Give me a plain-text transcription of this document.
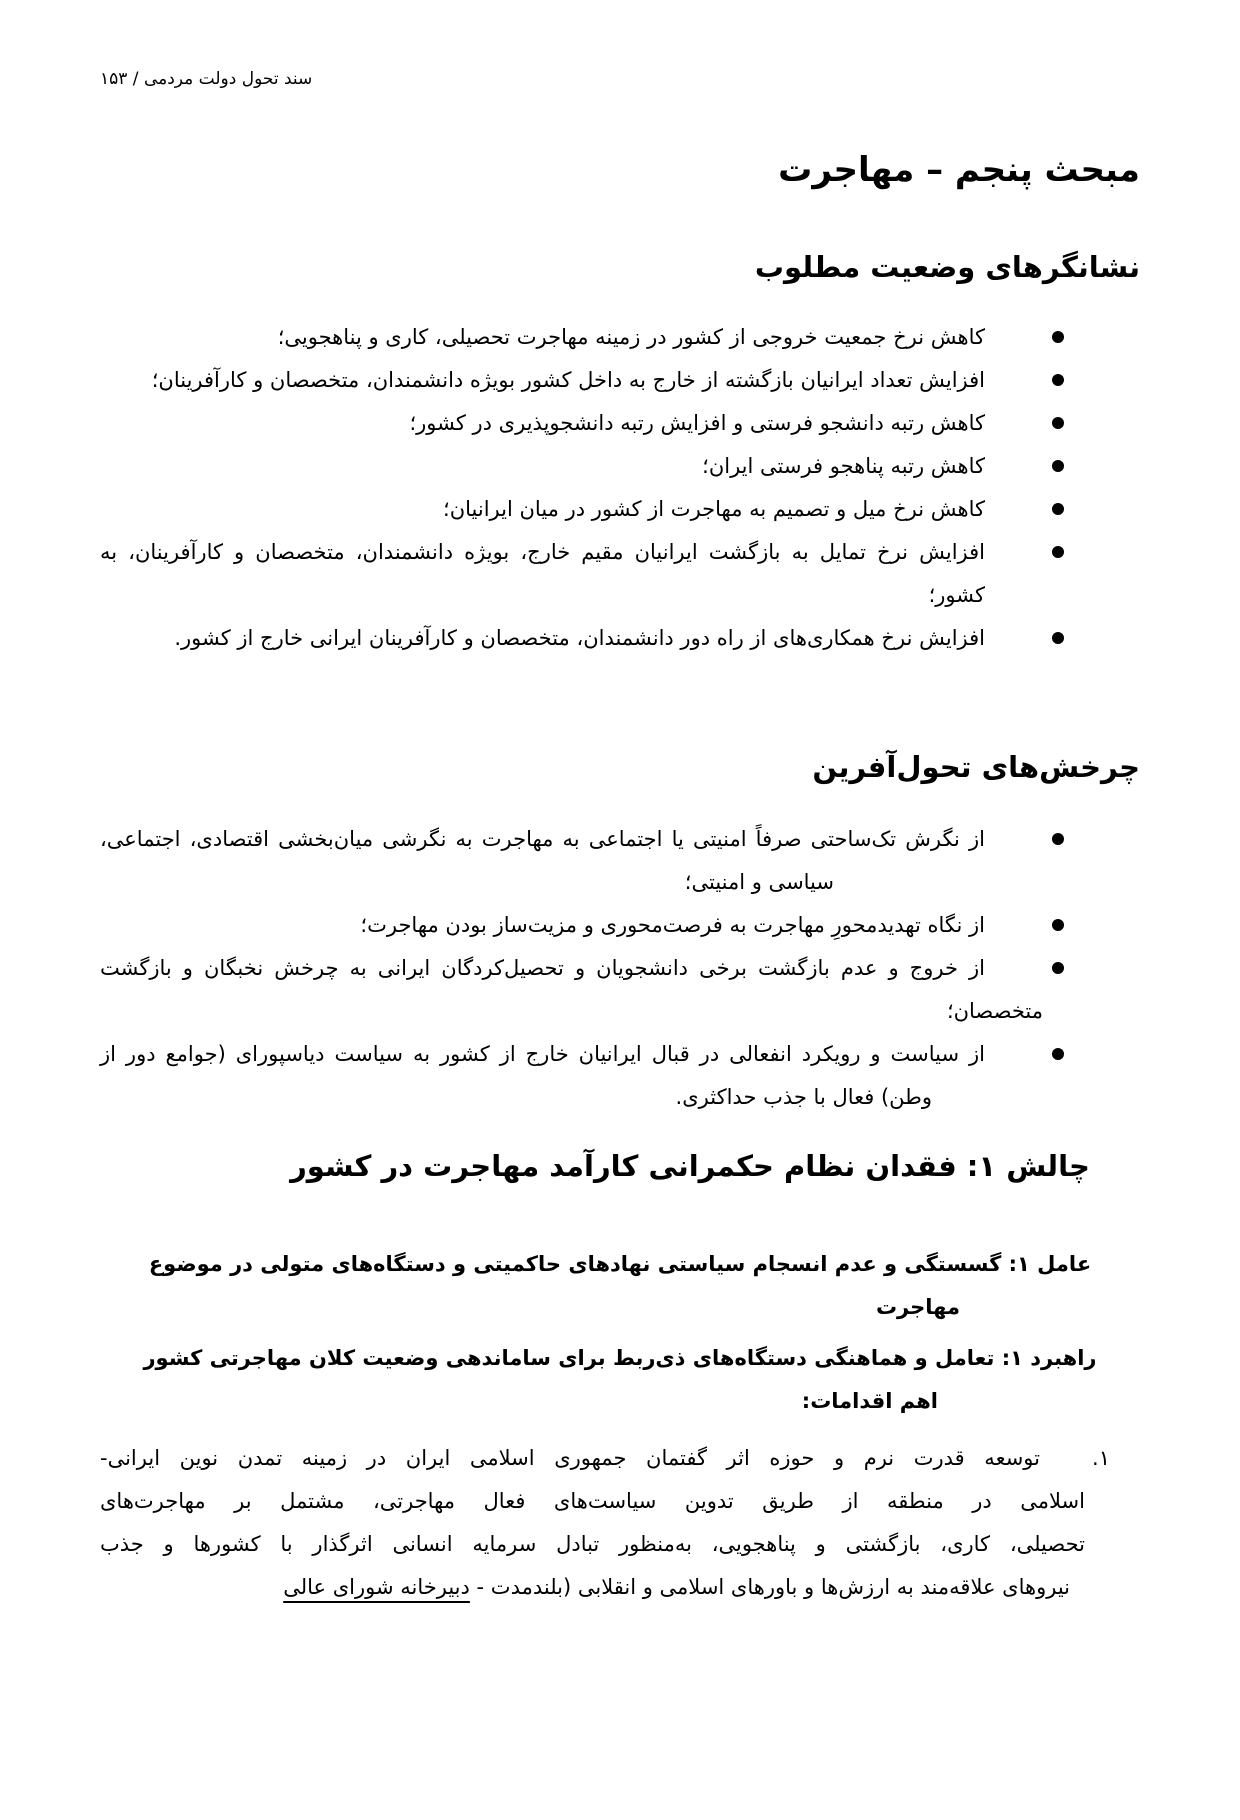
سند تحول دولت مردمی / ۱۵۳
مبحث پنجم – مهاجرت
نشانگرهای وضعیت مطلوب
کاهش نرخ جمعیت خروجی از کشور در زمینه مهاجرت تحصیلی، کاری و پناهجویی؛
افزایش تعداد ایرانیان بازگشته از خارج به داخل کشور بویژه دانشمندان، متخصصان و کارآفرینان؛
کاهش رتبه دانشجو فرستی و افزایش رتبه دانشجوپذیری در کشور؛
کاهش رتبه پناهجو فرستی ایران؛
کاهش نرخ میل و تصمیم به مهاجرت از کشور در میان ایرانیان؛
افزایش نرخ تمایل به بازگشت ایرانیان مقیم خارج، بویژه دانشمندان، متخصصان و کارآفرینان، به
کشور؛
افزایش نرخ همکاری‌های از راه دور دانشمندان، متخصصان و کارآفرینان ایرانی خارج از کشور.
چرخش‌های تحول‌آفرین
از نگرش تک‌ساحتی صرفاً امنیتی یا اجتماعی به مهاجرت به نگرشی میان‌بخشی اقتصادی، اجتماعی،
سیاسی و امنیتی؛
از نگاه تهدیدمحورِ مهاجرت به فرصت‌محوری و مزیت‌ساز بودن مهاجرت؛
از خروج و عدم بازگشت برخی دانشجویان و تحصیل‌کردگان ایرانی به چرخش نخبگان و بازگشت
متخصصان؛
از سیاست و رویکرد انفعالی در قبال ایرانیان خارج از کشور به سیاست دیاسپورای (جوامع دور از
وطن) فعال با جذب حداکثری.
چالش ۱: فقدان نظام حکمرانی کارآمد مهاجرت در کشور
عامل ۱: گسستگی و عدم انسجام سیاستی نهادهای حاکمیتی و دستگاه‌های متولی در موضوع
مهاجرت
راهبرد ۱: تعامل و هماهنگی دستگاه‌های ذی‌ربط برای ساماندهی وضعیت کلان مهاجرتی کشور
اهم اقدامات:
۱.
توسعه قدرت نرم و حوزه اثر گفتمان جمهوری اسلامی ایران در زمینه تمدن نوین ایرانی-
اسلامی در منطقه از طریق تدوین سیاست‌های فعال مهاجرتی، مشتمل بر مهاجرت‌های
تحصیلی، کاری، بازگشتی و پناهجویی، به‌منظور تبادل سرمایه انسانی اثرگذار با کشورها و جذب
نیروهای علاقه‌مند به ارزش‌ها و باورهای اسلامی و انقلابی (بلندمدت - دبیرخانه شورای عالی
